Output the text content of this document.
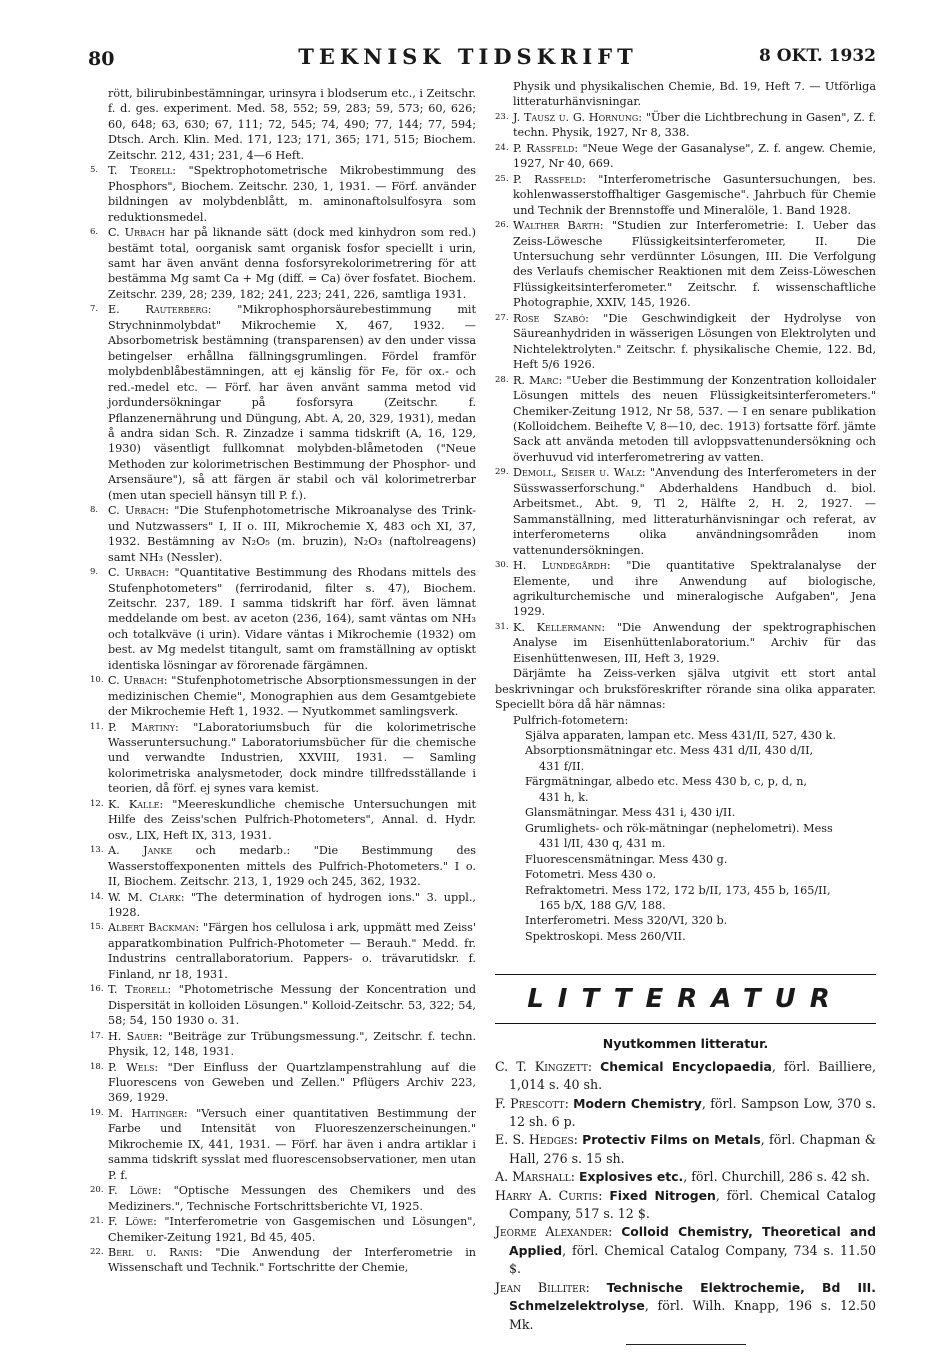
80	TEKNISK TIDSKRIFT	8 OKT. 1932

rött, bilirubinbestämningar, urinsyra i blodserum etc., i Zeitschr. f. d. ges. experiment. Med. 58, 552; 59, 283; 59, 573; 60, 626; 60, 648; 63, 630; 67, 111; 72, 545; 74, 490; 77, 144; 77, 594; Dtsch. Arch. Klin. Med. 171, 123; 171, 365; 171, 515; Biochem. Zeitschr. 212, 431; 231, 4—6 Heft.

5. T. Teorell: "Spektrophotometrische Mikrobestimmung des Phosphors", Biochem. Zeitschr. 230, 1, 1931. — Förf. använder bildningen av molybdenblått, m. aminonaftolsulfosyra som reduktionsmedel.

6. C. Urbach har på liknande sätt (dock med kinhydron som red.) bestämt total, oorganisk samt organisk fosfor speciellt i urin, samt har även använt denna fosforsyrekolorimetrering för att bestämma Mg samt Ca + Mg (diff. = Ca) över fosfatet. Biochem. Zeitschr. 239, 28; 239, 182; 241, 223; 241, 226, samtliga 1931.

7. E. Rauterberg: "Mikrophosphorsäurebestimmung mit Strychninmolybdat" Mikrochemie X, 467, 1932. — Absorbometrisk bestämning (transparensen) av den under vissa betingelser erhållna fällningsgrumlingen. Fördel framför molybdenblåbestämningen, att ej känslig för Fe, för ox.- och red.-medel etc. — Förf. har även använt samma metod vid jordundersökningar på fosforsyra (Zeitschr. f. Pflanzenernährung und Düngung, Abt. A, 20, 329, 1931), medan å andra sidan Sch. R. Zinzadze i samma tidskrift (A, 16, 129, 1930) väsentligt fullkomnat molybden-blåmetoden ("Neue Methoden zur kolorimetrischen Bestimmung der Phosphor- und Arsensäure"), så att färgen är stabil och väl kolorimetrerbar (men utan speciell hänsyn till P. f.).

8. C. Urbach: "Die Stufenphotometrische Mikroanalyse des Trink- und Nutzwassers" I, II o. III, Mikrochemie X, 483 och XI, 37, 1932. Bestämning av N₂O₅ (m. bruzin), N₂O₃ (naftolreagens) samt NH₃ (Nessler).

9. C. Urbach: "Quantitative Bestimmung des Rhodans mittels des Stufenphotometers" (ferrirodanid, filter s. 47), Biochem. Zeitschr. 237, 189. I samma tidskrift har förf. även lämnat meddelande om best. av aceton (236, 164), samt väntas om NH₃ och totalkväve (i urin). Vidare väntas i Mikrochemie (1932) om best. av Mg medelst titangult, samt om framställning av optiskt identiska lösningar av förorenade färgämnen.

10. C. Urbach: "Stufenphotometrische Absorptionsmessungen in der medizinischen Chemie", Monographien aus dem Gesamtgebiete der Mikrochemie Heft 1, 1932. — Nyutkommet samlingsverk.

11. P. Martiny: "Laboratoriumsbuch für die kolorimetrische Wasseruntersuchung." Laboratoriumsbücher für die chemische und verwandte Industrien, XXVIII, 1931. — Samling kolorimetriska analysmetoder, dock mindre tillfredsställande i teorien, då förf. ej synes vara kemist.

12. K. Kalle: "Meereskundliche chemische Untersuchungen mit Hilfe des Zeiss'schen Pulfrich-Photometers", Annal. d. Hydr. osv., LIX, Heft IX, 313, 1931.

13. A. Janke och medarb.: "Die Bestimmung des Wasserstoffexponenten mittels des Pulfrich-Photometers." I o. II, Biochem. Zeitschr. 213, 1, 1929 och 245, 362, 1932.

14. W. M. Clark: "The determination of hydrogen ions." 3. uppl., 1928.

15. Albert Backman: "Färgen hos cellulosa i ark, uppmätt med Zeiss' apparatkombination Pulfrich-Photometer — Berauh." Medd. fr. Industrins centrallaboratorium. Pappers- o. trävarutidskr. f. Finland, nr 18, 1931.

16. T. Teorell: "Photometrische Messung der Koncentration und Dispersität in kolloiden Lösungen." Kolloid-Zeitschr. 53, 322; 54, 58; 54, 150 1930 o. 31.

17. H. Sauer: "Beiträge zur Trübungsmessung.", Zeitschr. f. techn. Physik, 12, 148, 1931.

18. P. Wels: "Der Einfluss der Quartzlampenstrahlung auf die Fluorescens von Geweben und Zellen." Pflügers Archiv 223, 369, 1929.

19. M. Haitinger: "Versuch einer quantitativen Bestimmung der Farbe und Intensität von Fluoreszenzerscheinungen." Mikrochemie IX, 441, 1931. — Förf. har även i andra artiklar i samma tidskrift sysslat med fluorescensobservationer, men utan P. f.

20. F. Löwe: "Optische Messungen des Chemikers und des Mediziners.", Technische Fortschrittsberichte VI, 1925.

21. F. Löwe: "Interferometrie von Gasgemischen und Lösungen", Chemiker-Zeitung 1921, Bd 45, 405.

22. Berl u. Ranis: "Die Anwendung der Interferometrie in Wissenschaft und Technik." Fortschritte der Chemie,

Physik und physikalischen Chemie, Bd. 19, Heft 7. — Utförliga litteraturhänvisningar.

23. J. Tausz u. G. Hornung: "Über die Lichtbrechung in Gasen", Z. f. techn. Physik, 1927, Nr 8, 338.

24. P. Rassfeld: "Neue Wege der Gasanalyse", Z. f. angew. Chemie, 1927, Nr 40, 669.

25. P. Rassfeld: "Interferometrische Gasuntersuchungen, bes. kohlenwasserstoffhaltiger Gasgemische". Jahrbuch für Chemie und Technik der Brennstoffe und Mineralöle, 1. Band 1928.

26. Walther Barth: "Studien zur Interferometrie: I. Ueber das Zeiss-Löwesche Flüssigkeitsinterferometer, II. Die Untersuchung sehr verdünnter Lösungen, III. Die Verfolgung des Verlaufs chemischer Reaktionen mit dem Zeiss-Löweschen Flüssigkeitsinterferometer." Zeitschr. f. wissenschaftliche Photographie, XXIV, 145, 1926.

27. Rose Szabó: "Die Geschwindigkeit der Hydrolyse von Säureanhydriden in wässerigen Lösungen von Elektrolyten und Nichtelektrolyten." Zeitschr. f. physikalische Chemie, 122. Bd, Heft 5/6 1926.

28. R. Marc: "Ueber die Bestimmung der Konzentration kolloidaler Lösungen mittels des neuen Flüssigkeitsinterferometers." Chemiker-Zeitung 1912, Nr 58, 537. — I en senare publikation (Kolloidchem. Beihefte V, 8—10, dec. 1913) fortsatte förf. jämte Sack att använda metoden till avloppsvattenundersökning och överhuvud vid interferometrering av vatten.

29. Demoll, Seiser u. Walz: "Anvendung des Interferometers in der Süsswasserforschung." Abderhaldens Handbuch d. biol. Arbeitsmet., Abt. 9, Tl 2, Hälfte 2, H. 2, 1927. — Sammanställning, med litteraturhänvisningar och referat, av interferometerns olika användningsområden inom vattenundersökningen.

30. H. Lundegårdh: "Die quantitative Spektralanalyse der Elemente, und ihre Anwendung auf biologische, agrikulturchemische und mineralogische Aufgaben", Jena 1929.

31. K. Kellermann: "Die Anwendung der spektrographischen Analyse im Eisenhüttenlaboratorium." Archiv für das Eisenhüttenwesen, III, Heft 3, 1929.

Därjämte ha Zeiss-verken själva utgivit ett stort antal beskrivningar och bruksföreskrifter rörande sina olika apparater. Speciellt böra då här nämnas:

Pulfrich-fotometern:

Själva apparaten, lampan etc. Mess 431/II, 527, 430 k.

Absorptionsmätningar etc. Mess 431 d/II, 430 d/II,

431 f/II.

Färgmätningar, albedo etc. Mess 430 b, c, p, d, n,

431 h, k.

Glansmätningar. Mess 431 i, 430 i/II.

Grumlighets- och rök-mätningar (nephelometri). Mess

431 l/II, 430 q, 431 m.

Fluorescensmätningar. Mess 430 g.

Fotometri. Mess 430 o.

Refraktometri. Mess 172, 172 b/II, 173, 455 b, 165/II,

165 b/X, 188 G/V, 188.

Interferometri. Mess 320/VI, 320 b.

Spektroskopi. Mess 260/VII.

LITTERATUR
Nyutkommen litteratur.

C. T. Kingzett: Chemical Encyclopaedia, förl. Bailliere, 1,014 s. 40 sh.

F. Prescott: Modern Chemistry, förl. Sampson Low, 370 s. 12 sh. 6 p.

E. S. Hedges: Protectiv Films on Metals, förl. Chapman & Hall, 276 s. 15 sh.

A. Marshall: Explosives etc., förl. Churchill, 286 s. 42 sh.

Harry A. Curtis: Fixed Nitrogen, förl. Chemical Catalog Company, 517 s. 12 $.

Jeorme Alexander: Colloid Chemistry, Theoretical and Applied, förl. Chemical Catalog Company, 734 s. 11.50 $.

Jean Billiter: Technische Elektrochemie, Bd III. Schmelzelektrolyse, förl. Wilh. Knapp, 196 s. 12.50 Mk.
